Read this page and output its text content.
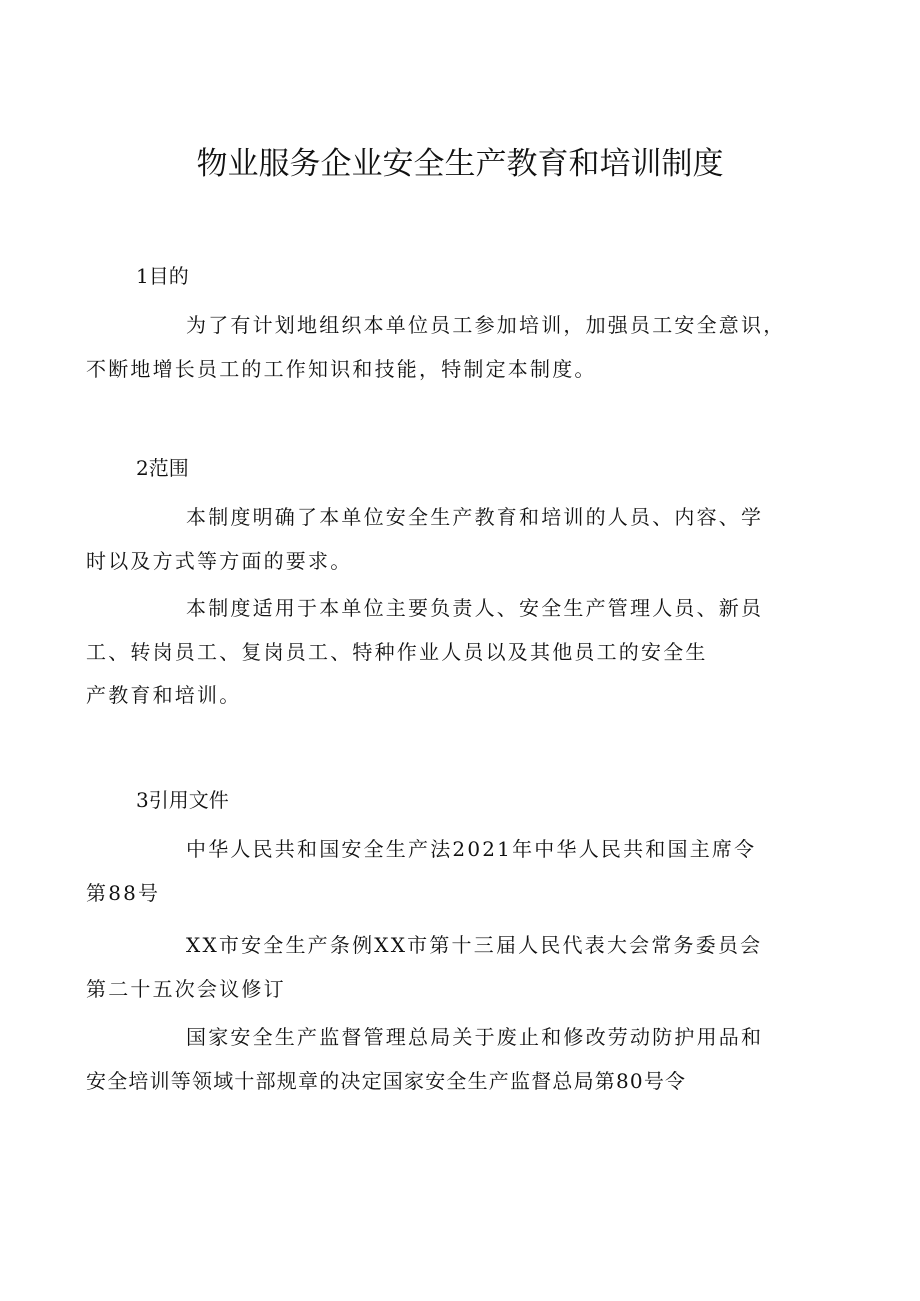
物业服务企业安全生产教育和培训制度
1目的
为了有计划地组织本单位员工参加培训，加强员工安全意识，
不断地增长员工的工作知识和技能，特制定本制度。
2范围
本制度明确了本单位安全生产教育和培训的人员、内容、学
时以及方式等方面的要求。
本制度适用于本单位主要负责人、安全生产管理人员、新员
工、转岗员工、复岗员工、特种作业人员以及其他员工的安全生
产教育和培训。
3引用文件
中华人民共和国安全生产法2021年中华人民共和国主席令
第88号
XX市安全生产条例XX市第十三届人民代表大会常务委员会
第二十五次会议修订
国家安全生产监督管理总局关于废止和修改劳动防护用品和
安全培训等领域十部规章的决定国家安全生产监督总局第80号令
